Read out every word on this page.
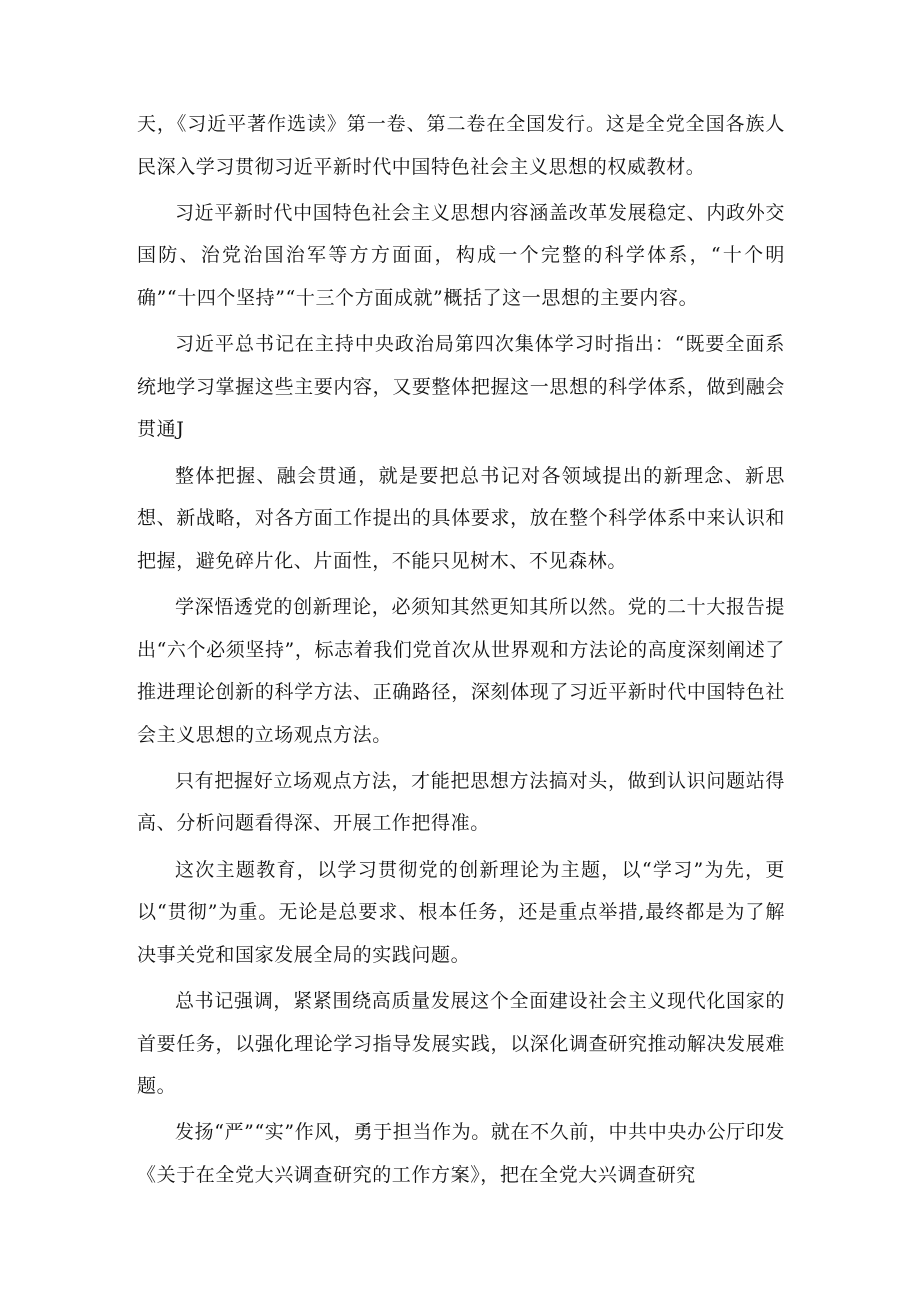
天，《习近平著作选读》第一卷、第二卷在全国发行。这是全党全国各族人民深入学习贯彻习近平新时代中国特色社会主义思想的权威教材。

习近平新时代中国特色社会主义思想内容涵盖改革发展稳定、内政外交国防、治党治国治军等方方面面，构成一个完整的科学体系，“十个明确”“十四个坚持”“十三个方面成就”概括了这一思想的主要内容。

习近平总书记在主持中央政治局第四次集体学习时指出：“既要全面系统地学习掌握这些主要内容，又要整体把握这一思想的科学体系，做到融会贯通J

整体把握、融会贯通，就是要把总书记对各领域提出的新理念、新思想、新战略，对各方面工作提出的具体要求，放在整个科学体系中来认识和把握，避免碎片化、片面性，不能只见树木、不见森林。

学深悟透党的创新理论，必须知其然更知其所以然。党的二十大报告提出“六个必须坚持”，标志着我们党首次从世界观和方法论的高度深刻阐述了推进理论创新的科学方法、正确路径，深刻体现了习近平新时代中国特色社会主义思想的立场观点方法。

只有把握好立场观点方法，才能把思想方法搞对头，做到认识问题站得高、分析问题看得深、开展工作把得准。

这次主题教育，以学习贯彻党的创新理论为主题，以“学习”为先，更以“贯彻”为重。无论是总要求、根本任务，还是重点举措,最终都是为了解决事关党和国家发展全局的实践问题。

总书记强调，紧紧围绕高质量发展这个全面建设社会主义现代化国家的首要任务，以强化理论学习指导发展实践，以深化调查研究推动解决发展难题。

发扬“严”“实”作风，勇于担当作为。就在不久前，中共中央办公厅印发《关于在全党大兴调查研究的工作方案》，把在全党大兴调查研究
